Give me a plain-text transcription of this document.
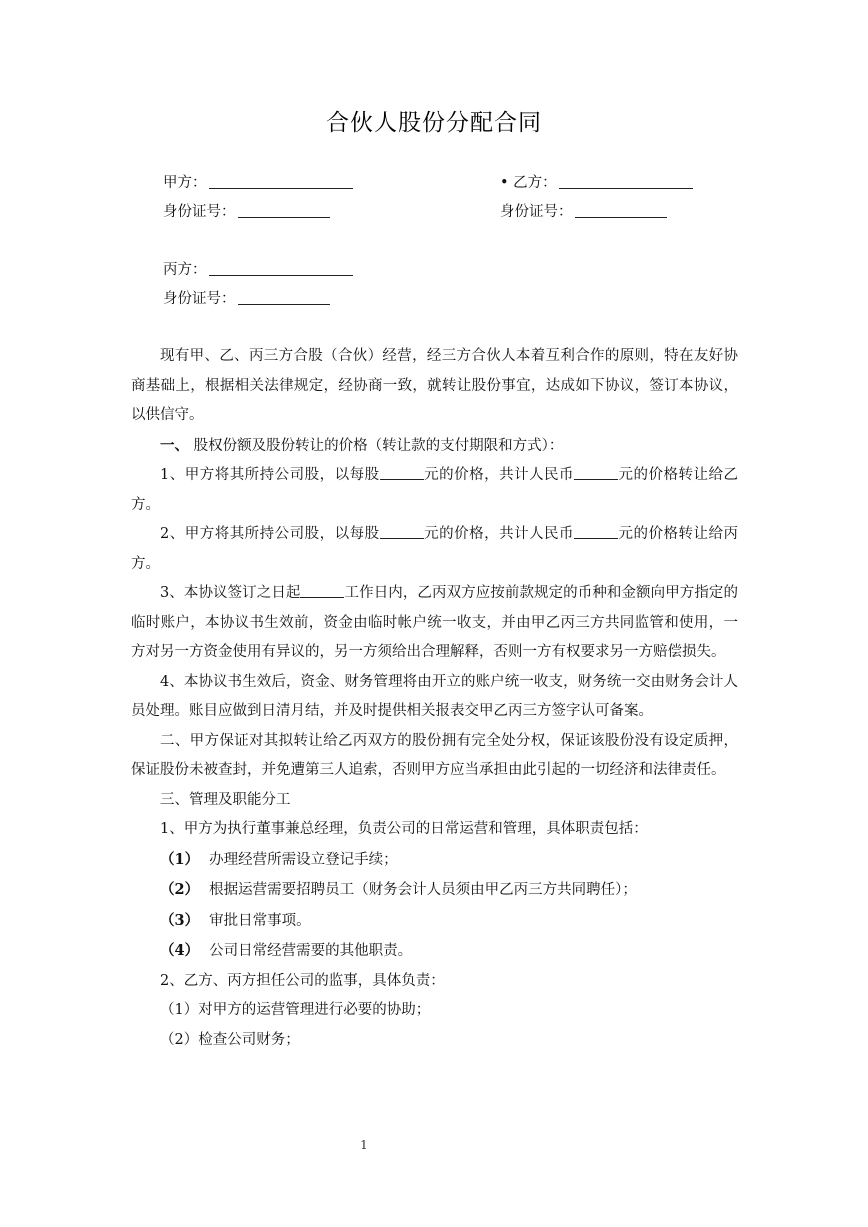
合伙人股份分配合同
甲方：	• 乙方：
身份证号：	身份证号：
丙方：
身份证号：

现有甲、乙、丙三方合股（合伙）经营，经三方合伙人本着互利合作的原则，特在友好协商基础上，根据相关法律规定，经协商一致，就转让股份事宜，达成如下协议，签订本协议，以供信守。

一、 股权份额及股份转让的价格（转让款的支付期限和方式）：

1、甲方将其所持公司股，以每股	元的价格，共计人民币	元的价格转让给乙方。

2、甲方将其所持公司股，以每股	元的价格，共计人民币	元的价格转让给丙方。

3、本协议签订之日起	工作日内，乙丙双方应按前款规定的币种和金额向甲方指定的临时账户，本协议书生效前，资金由临时帐户统一收支，并由甲乙丙三方共同监管和使用，一方对另一方资金使用有异议的，另一方须给出合理解释，否则一方有权要求另一方赔偿损失。

4、本协议书生效后，资金、财务管理将由开立的账户统一收支，财务统一交由财务会计人员处理。账目应做到日清月结，并及时提供相关报表交甲乙丙三方签字认可备案。

二、甲方保证对其拟转让给乙丙双方的股份拥有完全处分权，保证该股份没有设定质押，保证股份未被查封，并免遭第三人追索，否则甲方应当承担由此引起的一切经济和法律责任。

三、管理及职能分工

1、甲方为执行董事兼总经理，负责公司的日常运营和管理，具体职责包括：

（1） 办理经营所需设立登记手续；

（2） 根据运营需要招聘员工（财务会计人员须由甲乙丙三方共同聘任）；

（3） 审批日常事项。

（4） 公司日常经营需要的其他职责。

2、乙方、丙方担任公司的监事，具体负责：

（1）对甲方的运营管理进行必要的协助；

（2）检查公司财务；

1
